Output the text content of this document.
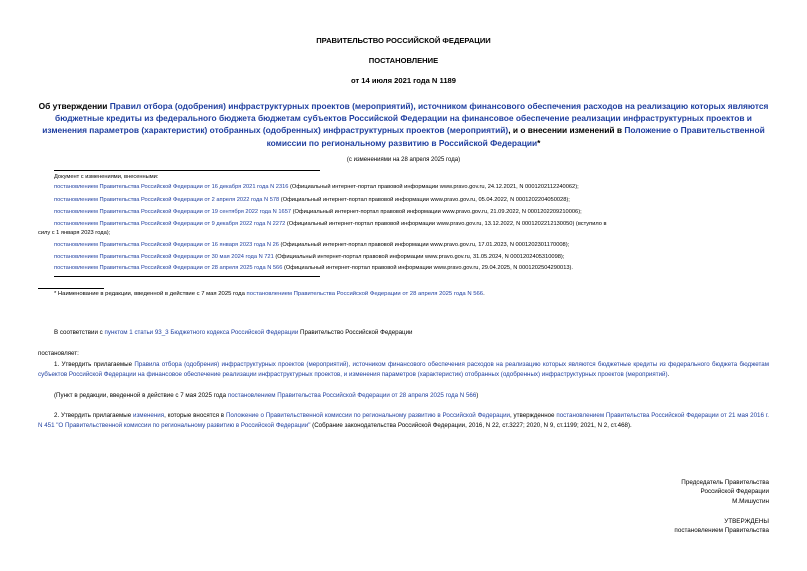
ПРАВИТЕЛЬСТВО РОССИЙСКОЙ ФЕДЕРАЦИИ
ПОСТАНОВЛЕНИЕ
от 14 июля 2021 года N 1189
Об утверждении Правил отбора (одобрения) инфраструктурных проектов (мероприятий), источником финансового обеспечения расходов на реализацию которых являются бюджетные кредиты из федерального бюджета бюджетам субъектов Российской Федерации на финансовое обеспечение реализации инфраструктурных проектов и изменения параметров (характеристик) отобранных (одобренных) инфраструктурных проектов (мероприятий), и о внесении изменений в Положение о Правительственной комиссии по региональному развитию в Российской Федерации*
(с изменениями на 28 апреля 2025 года)
Документ с изменениями, внесенными:
постановлением Правительства Российской Федерации от 16 декабря 2021 года N 2316 (Официальный интернет-портал правовой информации www.pravo.gov.ru, 24.12.2021, N 0001202112240062);
постановлением Правительства Российской Федерации от 2 апреля 2022 года N 578 (Официальный интернет-портал правовой информации www.pravo.gov.ru, 05.04.2022, N 0001202204050028);
постановлением Правительства Российской Федерации от 19 сентября 2022 года N 1657 (Официальный интернет-портал правовой информации www.pravo.gov.ru, 21.09.2022, N 0001202209210006);
постановлением Правительства Российской Федерации от 9 декабря 2022 года N 2272 (Официальный интернет-портал правовой информации www.pravo.gov.ru, 13.12.2022, N 0001202212130050) (вступило в
силу с 1 января 2023 года);
постановлением Правительства Российской Федерации от 16 января 2023 года N 26 (Официальный интернет-портал правовой информации www.pravo.gov.ru, 17.01.2023, N 0001202301170008);
постановлением Правительства Российской Федерации от 30 мая 2024 года N 721 (Официальный интернет-портал правовой информации www.pravo.gov.ru, 31.05.2024, N 0001202405310098);
постановлением Правительства Российской Федерации от 28 апреля 2025 года N 566 (Официальный интернет-портал правовой информации www.pravo.gov.ru, 29.04.2025, N 0001202504290013).
* Наименование в редакции, введенной в действие с 7 мая 2025 года постановлением Правительства Российской Федерации от 28 апреля 2025 года N 566.
В соответствии с пунктом 1 статьи 93_3 Бюджетного кодекса Российской Федерации Правительство Российской Федерации
постановляет:
1. Утвердить прилагаемые Правила отбора (одобрения) инфраструктурных проектов (мероприятий), источником финансового обеспечения расходов на реализацию которых являются бюджетные кредиты из федерального бюджета бюджетам субъектов Российской Федерации на финансовое обеспечение реализации инфраструктурных проектов, и изменения параметров (характеристик) отобранных (одобренных) инфраструктурных проектов (мероприятий).
(Пункт в редакции, введенной в действие с 7 мая 2025 года постановлением Правительства Российской Федерации от 28 апреля 2025 года N 566)
2. Утвердить прилагаемые изменения, которые вносятся в Положение о Правительственной комиссии по региональному развитию в Российской Федерации, утвержденное постановлением Правительства Российской Федерации от 21 мая 2016 г. N 451 "О Правительственной комиссии по региональному развитию в Российской Федерации" (Собрание законодательства Российской Федерации, 2016, N 22, ст.3227; 2020, N 9, ст.1199; 2021, N 2, ст.468).
Председатель Правительства
Российской Федерации
М.Мишустин
УТВЕРЖДЕНЫ
постановлением Правительства
